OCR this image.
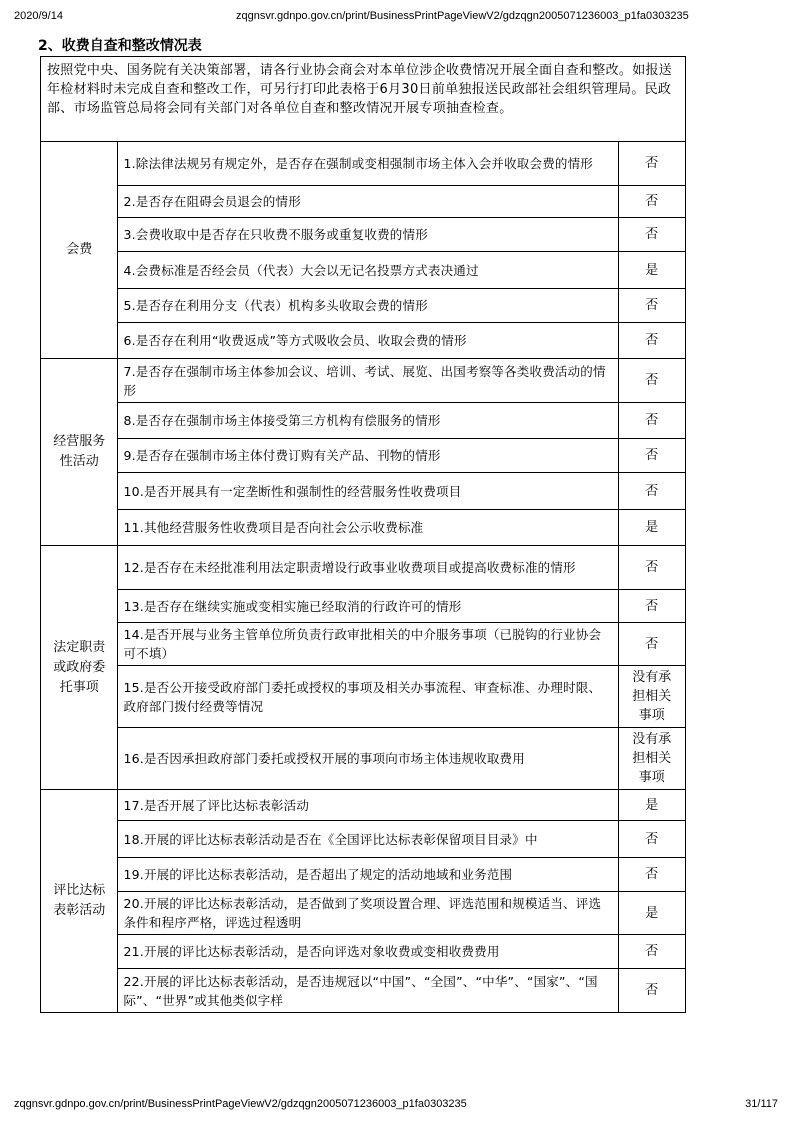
2020/9/14	zqgnsvr.gdnpo.gov.cn/print/BusinessPrintPageViewV2/gdzqgn2005071236003_p1fa0303235
2、收费自查和整改情况表
按照党中央、国务院有关决策部署，请各行业协会商会对本单位涉企收费情况开展全面自查和整改。如报送年检材料时未完成自查和整改工作，可另行打印此表格于6月30日前单独报送民政部社会组织管理局。民政部、市场监管总局将会同有关部门对各单位自查和整改情况开展专项抽查检查。
会费	1.除法律法规另有规定外，是否存在强制或变相强制市场主体入会并收取会费的情形	否
	2.是否存在阻碍会员退会的情形	否
	3.会费收取中是否存在只收费不服务或重复收费的情形	否
	4.会费标准是否经会员（代表）大会以无记名投票方式表决通过	是
	5.是否存在利用分支（代表）机构多头收取会费的情形	否
	6.是否存在利用“收费返成”等方式吸收会员、收取会费的情形	否
经营服务
性活动	7.是否存在强制市场主体参加会议、培训、考试、展览、出国考察等各类收费活动的情形	否
	8.是否存在强制市场主体接受第三方机构有偿服务的情形	否
	9.是否存在强制市场主体付费订购有关产品、刊物的情形	否
	10.是否开展具有一定垄断性和强制性的经营服务性收费项目	否
	11.其他经营服务性收费项目是否向社会公示收费标准	是
法定职责
或政府委
托事项	12.是否存在未经批准利用法定职责增设行政事业收费项目或提高收费标准的情形	否
	13.是否存在继续实施或变相实施已经取消的行政许可的情形	否
	14.是否开展与业务主管单位所负责行政审批相关的中介服务事项（已脱钩的行业协会可不填）	否
	15.是否公开接受政府部门委托或授权的事项及相关办事流程、审查标准、办理时限、政府部门拨付经费等情况	没有承
担相关
事项
	16.是否因承担政府部门委托或授权开展的事项向市场主体违规收取费用	没有承
担相关
事项
评比达标
表彰活动	17.是否开展了评比达标表彰活动	是
	18.开展的评比达标表彰活动是否在《全国评比达标表彰保留项目目录》中	否
	19.开展的评比达标表彰活动，是否超出了规定的活动地域和业务范围	否
	20.开展的评比达标表彰活动，是否做到了奖项设置合理、评选范围和规模适当、评选条件和程序严格，评选过程透明	是
	21.开展的评比达标表彰活动，是否向评选对象收费或变相收费费用	否
	22.开展的评比达标表彰活动，是否违规冠以“中国”、“全国”、“中华”、“国家”、“国际”、“世界”或其他类似字样	否
zqgnsvr.gdnpo.gov.cn/print/BusinessPrintPageViewV2/gdzqgn2005071236003_p1fa0303235	31/117
